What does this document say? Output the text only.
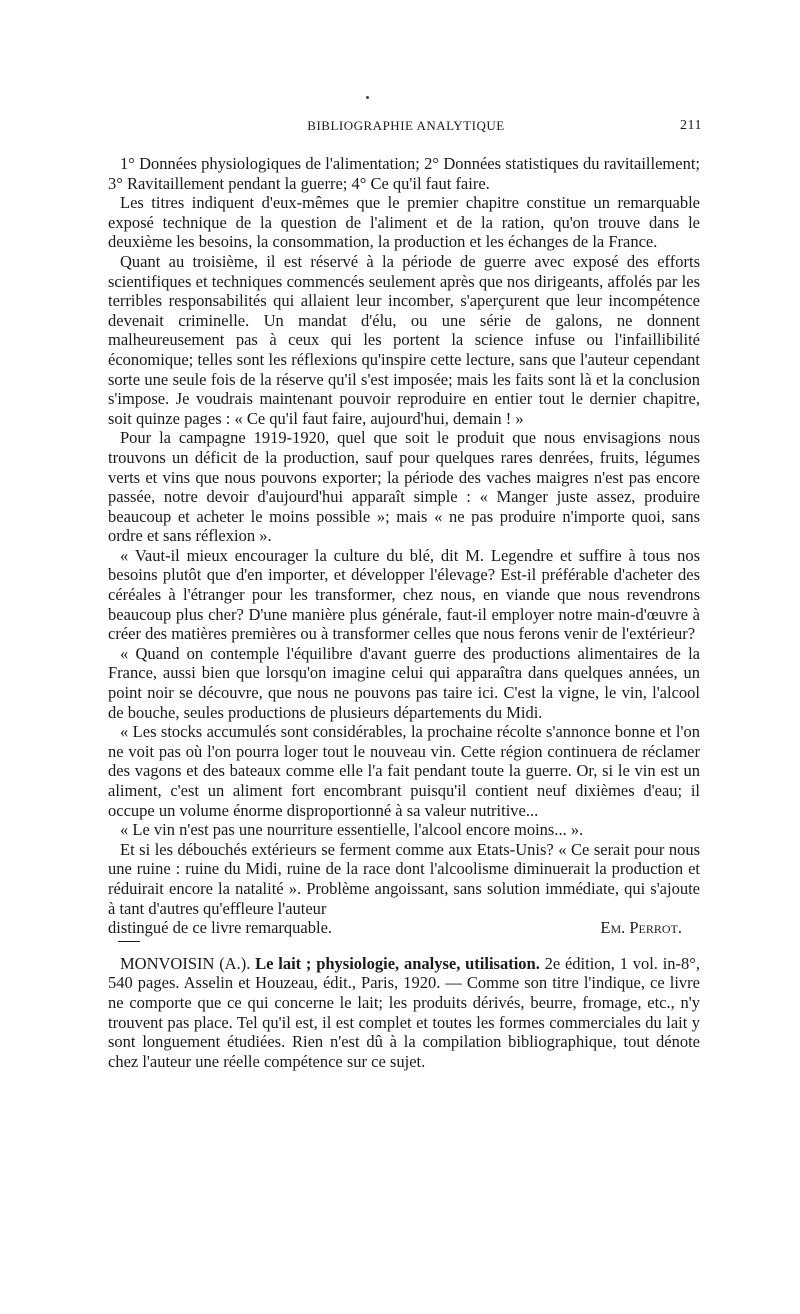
BIBLIOGRAPHIE ANALYTIQUE	211

1° Données physiologiques de l'alimentation; 2° Données statistiques du ravitaillement; 3° Ravitaillement pendant la guerre; 4° Ce qu'il faut faire.

Les titres indiquent d'eux-mêmes que le premier chapitre constitue un remarquable exposé technique de la question de l'aliment et de la ration, qu'on trouve dans le deuxième les besoins, la consommation, la production et les échanges de la France.

Quant au troisième, il est réservé à la période de guerre avec exposé des efforts scientifiques et techniques commencés seulement après que nos dirigeants, affolés par les terribles responsabilités qui allaient leur incomber, s'aperçurent que leur incompétence devenait criminelle. Un mandat d'élu, ou une série de galons, ne donnent malheureusement pas à ceux qui les portent la science infuse ou l'infaillibilité économique; telles sont les réflexions qu'inspire cette lecture, sans que l'auteur cependant sorte une seule fois de la réserve qu'il s'est imposée; mais les faits sont là et la conclusion s'impose. Je voudrais maintenant pouvoir reproduire en entier tout le dernier chapitre, soit quinze pages : « Ce qu'il faut faire, aujourd'hui, demain ! »

Pour la campagne 1919-1920, quel que soit le produit que nous envisagions nous trouvons un déficit de la production, sauf pour quelques rares denrées, fruits, légumes verts et vins que nous pouvons exporter; la période des vaches maigres n'est pas encore passée, notre devoir d'aujourd'hui apparaît simple : « Manger juste assez, produire beaucoup et acheter le moins possible »; mais « ne pas produire n'importe quoi, sans ordre et sans réflexion ».

« Vaut-il mieux encourager la culture du blé, dit M. Legendre et suffire à tous nos besoins plutôt que d'en importer, et développer l'élevage? Est-il préférable d'acheter des céréales à l'étranger pour les transformer, chez nous, en viande que nous revendrons beaucoup plus cher? D'une manière plus générale, faut-il employer notre main-d'œuvre à créer des matières premières ou à transformer celles que nous ferons venir de l'extérieur?

« Quand on contemple l'équilibre d'avant guerre des productions alimentaires de la France, aussi bien que lorsqu'on imagine celui qui apparaîtra dans quelques années, un point noir se découvre, que nous ne pouvons pas taire ici. C'est la vigne, le vin, l'alcool de bouche, seules productions de plusieurs départements du Midi.

« Les stocks accumulés sont considérables, la prochaine récolte s'annonce bonne et l'on ne voit pas où l'on pourra loger tout le nouveau vin. Cette région continuera de réclamer des vagons et des bateaux comme elle l'a fait pendant toute la guerre. Or, si le vin est un aliment, c'est un aliment fort encombrant puisqu'il contient neuf dixièmes d'eau; il occupe un volume énorme disproportionné à sa valeur nutritive...

« Le vin n'est pas une nourriture essentielle, l'alcool encore moins... ».

Et si les débouchés extérieurs se ferment comme aux Etats-Unis? « Ce serait pour nous une ruine : ruine du Midi, ruine de la race dont l'alcoolisme diminuerait la production et réduirait encore la natalité ». Problème angoissant, sans solution immédiate, qui s'ajoute à tant d'autres qu'effleure l'auteur

distingué de ce livre remarquable.	Em. Perrot.

MONVOISIN (A.). Le lait ; physiologie, analyse, utilisation. 2e édition, 1 vol. in-8°, 540 pages. Asselin et Houzeau, édit., Paris, 1920. — Comme son titre l'indique, ce livre ne comporte que ce qui concerne le lait; les produits dérivés, beurre, fromage, etc., n'y trouvent pas place. Tel qu'il est, il est complet et toutes les formes commerciales du lait y sont longuement étudiées. Rien n'est dû à la compilation bibliographique, tout dénote chez l'auteur une réelle compétence sur ce sujet.
